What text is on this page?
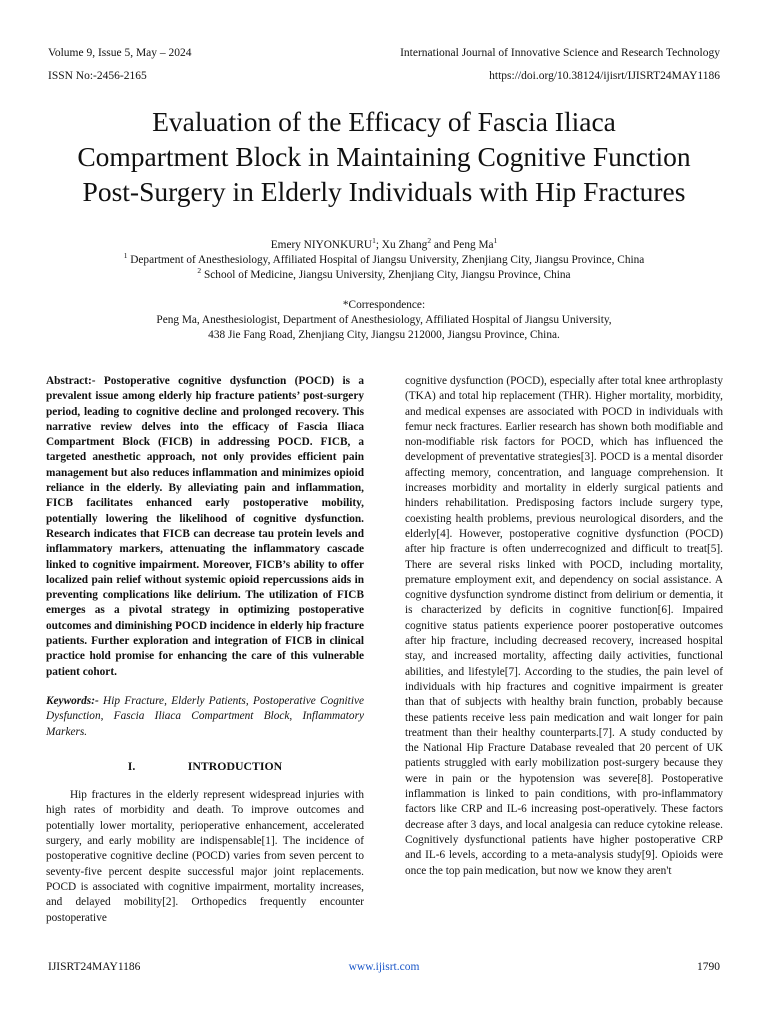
Volume 9, Issue 5, May – 2024
ISSN No:-2456-2165
International Journal of Innovative Science and Research Technology
https://doi.org/10.38124/ijisrt/IJISRT24MAY1186
Evaluation of the Efficacy of Fascia Iliaca
Compartment Block in Maintaining Cognitive Function
Post-Surgery in Elderly Individuals with Hip Fractures
Emery NIYONKURU$^1$; Xu Zhang$^2$ and Peng Ma$^1$
$^1$ Department of Anesthesiology, Affiliated Hospital of Jiangsu University, Zhenjiang City, Jiangsu Province, China
$^2$ School of Medicine, Jiangsu University, Zhenjiang City, Jiangsu Province, China
*Correspondence:
Peng Ma, Anesthesiologist, Department of Anesthesiology, Affiliated Hospital of Jiangsu University,
438 Jie Fang Road, Zhenjiang City, Jiangsu 212000, Jiangsu Province, China.

Abstract:- Postoperative cognitive dysfunction (POCD) is a prevalent issue among elderly hip fracture patients’ post-surgery period, leading to cognitive decline and prolonged recovery. This narrative review delves into the efficacy of Fascia Iliaca Compartment Block (FICB) in addressing POCD. FICB, a targeted anesthetic approach, not only provides efficient pain management but also reduces inflammation and minimizes opioid reliance in the elderly. By alleviating pain and inflammation, FICB facilitates enhanced early postoperative mobility, potentially lowering the likelihood of cognitive dysfunction. Research indicates that FICB can decrease tau protein levels and inflammatory markers, attenuating the inflammatory cascade linked to cognitive impairment. Moreover, FICB’s ability to offer localized pain relief without systemic opioid repercussions aids in preventing complications like delirium. The utilization of FICB emerges as a pivotal strategy in optimizing postoperative outcomes and diminishing POCD incidence in elderly hip fracture patients. Further exploration and integration of FICB in clinical practice hold promise for enhancing the care of this vulnerable patient cohort.

Keywords:- Hip Fracture, Elderly Patients, Postoperative Cognitive Dysfunction, Fascia Iliaca Compartment Block, Inflammatory Markers.

I.	INTRODUCTION

Hip fractures in the elderly represent widespread injuries with high rates of morbidity and death. To improve outcomes and potentially lower mortality, perioperative enhancement, accelerated surgery, and early mobility are indispensable[1]. The incidence of postoperative cognitive decline (POCD) varies from seven percent to seventy-five percent despite successful major joint replacements. POCD is associated with cognitive impairment, mortality increases, and delayed mobility[2]. Orthopedics frequently encounter postoperative

cognitive dysfunction (POCD), especially after total knee arthroplasty (TKA) and total hip replacement (THR). Higher mortality, morbidity, and medical expenses are associated with POCD in individuals with femur neck fractures. Earlier research has shown both modifiable and non-modifiable risk factors for POCD, which has influenced the development of preventative strategies[3]. POCD is a mental disorder affecting memory, concentration, and language comprehension. It increases morbidity and mortality in elderly surgical patients and hinders rehabilitation. Predisposing factors include surgery type, coexisting health problems, previous neurological disorders, and the elderly[4]. However, postoperative cognitive dysfunction (POCD) after hip fracture is often underrecognized and difficult to treat[5]. There are several risks linked with POCD, including mortality, premature employment exit, and dependency on social assistance. A cognitive dysfunction syndrome distinct from delirium or dementia, it is characterized by deficits in cognitive function[6]. Impaired cognitive status patients experience poorer postoperative outcomes after hip fracture, including decreased recovery, increased hospital stay, and increased mortality, affecting daily activities, functional abilities, and lifestyle[7]. According to the studies, the pain level of individuals with hip fractures and cognitive impairment is greater than that of subjects with healthy brain function, probably because these patients receive less pain medication and wait longer for pain treatment than their healthy counterparts.[7]. A study conducted by the National Hip Fracture Database revealed that 20 percent of UK patients struggled with early mobilization post-surgery because they were in pain or the hypotension was severe[8]. Postoperative inflammation is linked to pain conditions, with pro-inflammatory factors like CRP and IL-6 increasing post-operatively. These factors decrease after 3 days, and local analgesia can reduce cytokine release. Cognitively dysfunctional patients have higher postoperative CRP and IL-6 levels, according to a meta-analysis study[9]. Opioids were once the top pain medication, but now we know they aren't

IJISRT24MAY1186	www.ijisrt.com	1790
